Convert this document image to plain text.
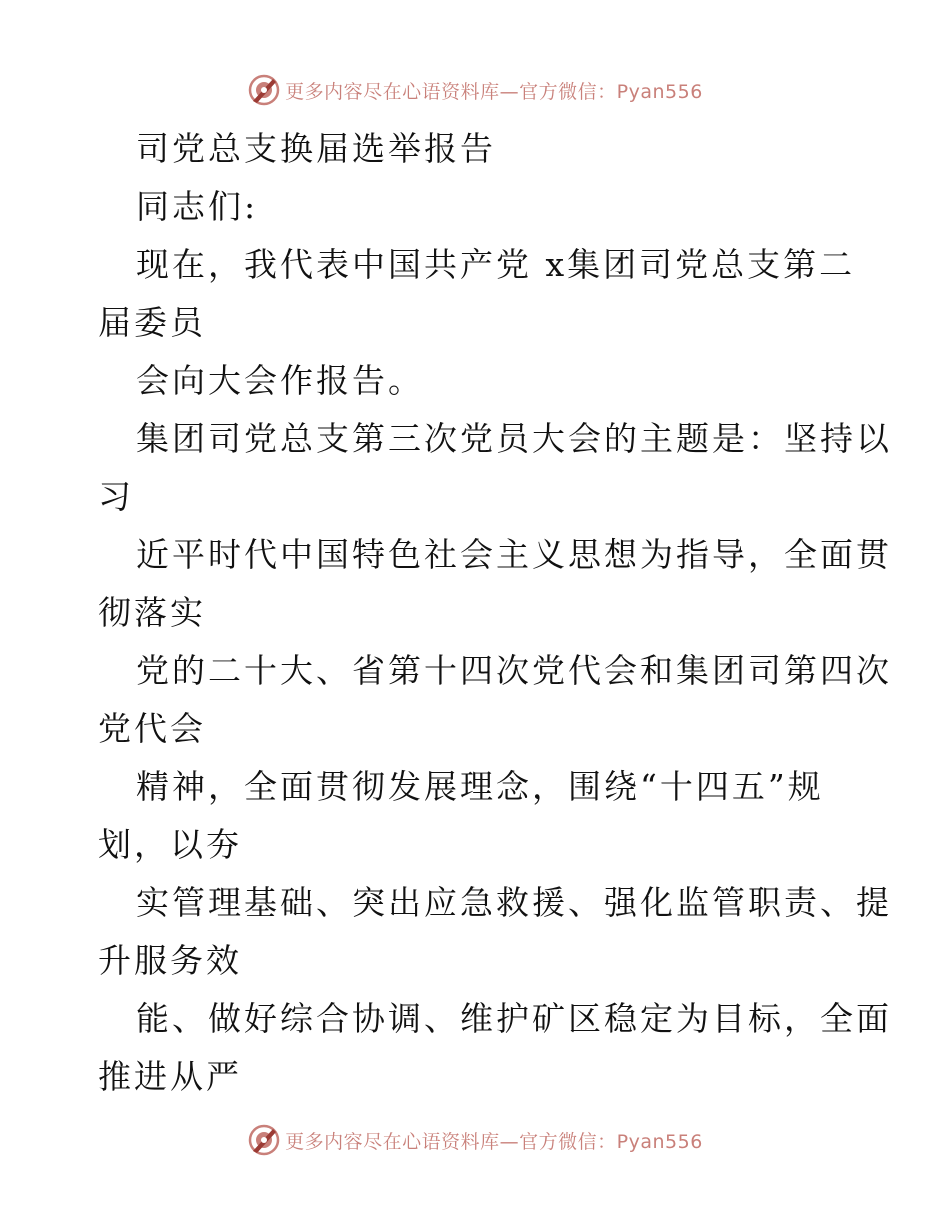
更多内容尽在心语资料库—官方微信：Pyan556
司党总支换届选举报告
同志们:
现在，我代表中国共产党 x集团司党总支第二
届委员
会向大会作报告。
集团司党总支第三次党员大会的主题是：坚持以
习
近平时代中国特色社会主义思想为指导，全面贯
彻落实
党的二十大、省第十四次党代会和集团司第四次
党代会
精神，全面贯彻发展理念，围绕“十四五”规
划，以夯
实管理基础、突出应急救援、强化监管职责、提
升服务效
能、做好综合协调、维护矿区稳定为目标，全面
推进从严
更多内容尽在心语资料库—官方微信：Pyan556
